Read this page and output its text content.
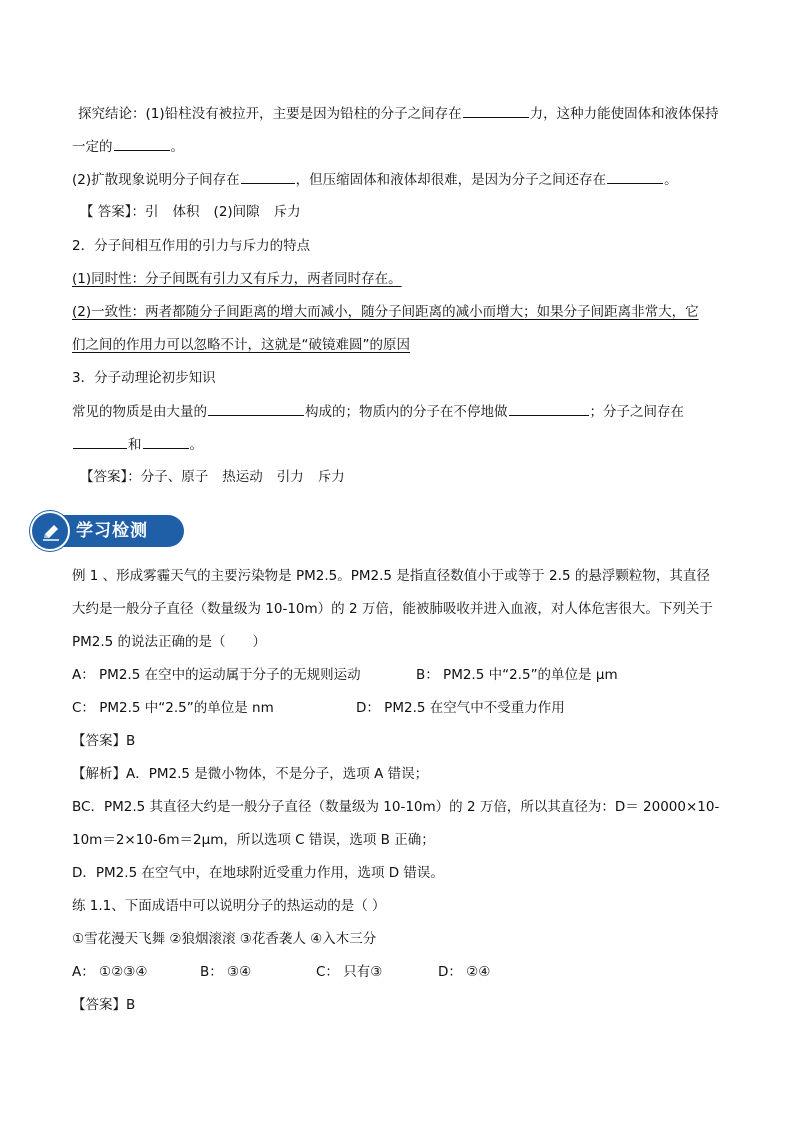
探究结论：(1)铅柱没有被拉开，主要是因为铅柱的分子之间存在	力，这种力能使固体和液体保持
一定的	。
(2)扩散现象说明分子间存在	，但压缩固体和液体却很难，是因为分子之间还存在	。
【 答案】：引 体积 (2)间隙 斥力
2．分子间相互作用的引力与斥力的特点
(1)同时性：分子间既有引力又有斥力，两者同时存在。
(2)一致性：两者都随分子间距离的增大而减小，随分子间距离的减小而增大；如果分子间距离非常大，它
们之间的作用力可以忽略不计，这就是“破镜难圆”的原因
3．分子动理论初步知识
常见的物质是由大量的	构成的；物质内的分子在不停地做	；分子之间存在
和	。
【答案】：分子、原子 热运动 引力 斥力
学习检测
例 1 、形成雾霾天气的主要污染物是 PM2.5。PM2.5 是指直径数值小于或等于 2.5 的悬浮颗粒物，其直径
大约是一般分子直径（数量级为 10-10m）的 2 万倍，能被肺吸收并进入血液，对人体危害很大。下列关于
PM2.5 的说法正确的是（　　）
A： PM2.5 在空中的运动属于分子的无规则运动	B： PM2.5 中“2.5”的单位是 μm
C： PM2.5 中“2.5”的单位是 nm	D： PM2.5 在空气中不受重力作用
【答案】B
【解析】A．PM2.5 是微小物体，不是分子，选项 A 错误；
BC．PM2.5 其直径大约是一般分子直径（数量级为 10-10m）的 2 万倍，所以其直径为：D＝ 20000×10-
10m＝2×10-6m＝2μm，所以选项 C 错误，选项 B 正确；
D．PM2.5 在空气中，在地球附近受重力作用，选项 D 错误。
练 1.1、下面成语中可以说明分子的热运动的是（ ）
①雪花漫天飞舞 ②狼烟滚滚 ③花香袭人 ④入木三分
A： ①②③④	B： ③④	C： 只有③	D： ②④
【答案】B
